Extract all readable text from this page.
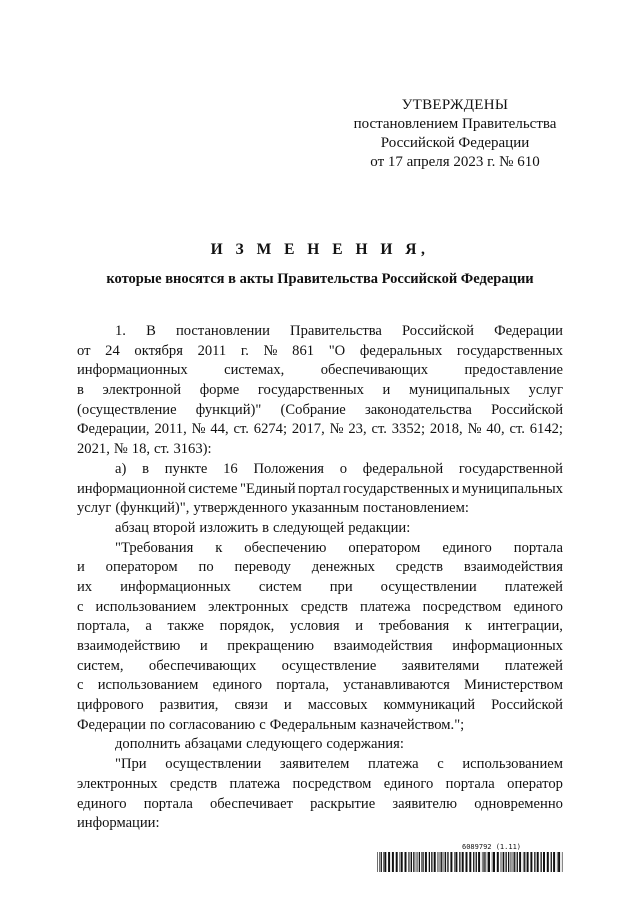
УТВЕРЖДЕНЫ
постановлением Правительства
Российской Федерации
от 17 апреля 2023 г. № 610
И З М Е Н Е Н И Я,
которые вносятся в акты Правительства Российской Федерации
1. В постановлении Правительства Российской Федерации
от 24 октября 2011 г. № 861 "О федеральных государственных
информационных системах, обеспечивающих предоставление
в электронной форме государственных и муниципальных услуг
(осуществление функций)" (Собрание законодательства Российской
Федерации, 2011, № 44, ст. 6274; 2017, № 23, ст. 3352; 2018, № 40, ст. 6142;
2021, № 18, ст. 3163):
а) в пункте 16 Положения о федеральной государственной
информационной системе "Единый портал государственных и муниципальных
услуг (функций)", утвержденного указанным постановлением:
абзац второй изложить в следующей редакции:
"Требования к обеспечению оператором единого портала
и оператором по переводу денежных средств взаимодействия
их информационных систем при осуществлении платежей
с использованием электронных средств платежа посредством единого
портала, а также порядок, условия и требования к интеграции,
взаимодействию и прекращению взаимодействия информационных
систем, обеспечивающих осуществление заявителями платежей
с использованием единого портала, устанавливаются Министерством
цифрового развития, связи и массовых коммуникаций Российской
Федерации по согласованию с Федеральным казначейством.";
дополнить абзацами следующего содержания:
"При осуществлении заявителем платежа с использованием
электронных средств платежа посредством единого портала оператор
единого портала обеспечивает раскрытие заявителю одновременно
информации:
6089792 (1.11)
